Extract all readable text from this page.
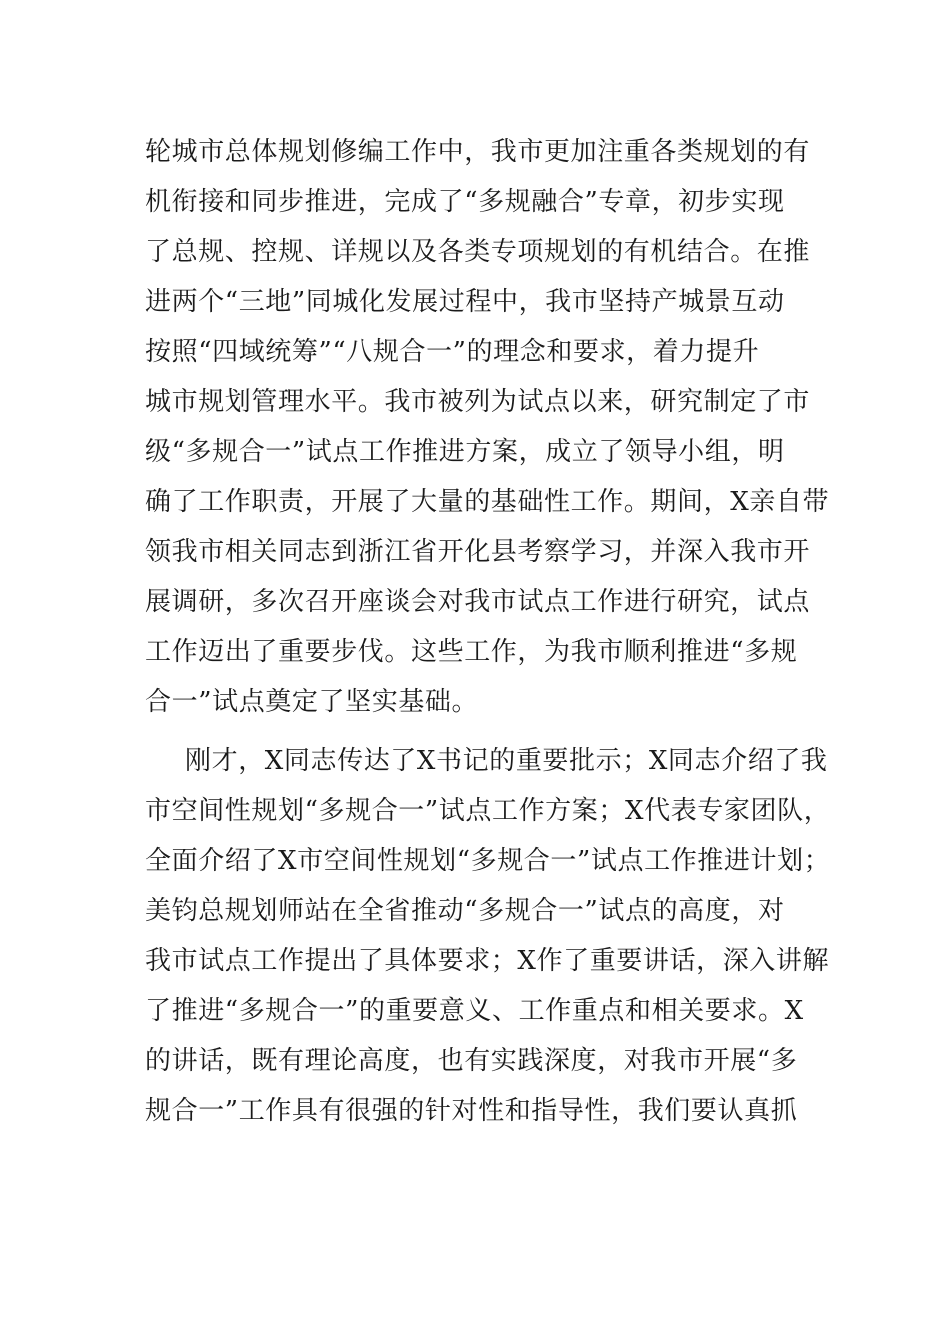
轮城市总体规划修编工作中，我市更加注重各类规划的有
机衔接和同步推进，完成了“多规融合”专章，初步实现
了总规、控规、详规以及各类专项规划的有机结合。在推
进两个“三地”同城化发展过程中，我市坚持产城景互动
按照“四域统筹”“八规合一”的理念和要求，着力提升
城市规划管理水平。我市被列为试点以来，研究制定了市
级“多规合一”试点工作推进方案，成立了领导小组，明
确了工作职责，开展了大量的基础性工作。期间，X亲自带
领我市相关同志到浙江省开化县考察学习，并深入我市开
展调研，多次召开座谈会对我市试点工作进行研究，试点
工作迈出了重要步伐。这些工作，为我市顺利推进“多规
合一”试点奠定了坚实基础。
刚才，X同志传达了X书记的重要批示；X同志介绍了我
市空间性规划“多规合一”试点工作方案；X代表专家团队，
全面介绍了X市空间性规划“多规合一”试点工作推进计划；
美钧总规划师站在全省推动“多规合一”试点的高度，对
我市试点工作提出了具体要求；X作了重要讲话，深入讲解
了推进“多规合一”的重要意义、工作重点和相关要求。X
的讲话，既有理论高度，也有实践深度，对我市开展“多
规合一”工作具有很强的针对性和指导性，我们要认真抓
